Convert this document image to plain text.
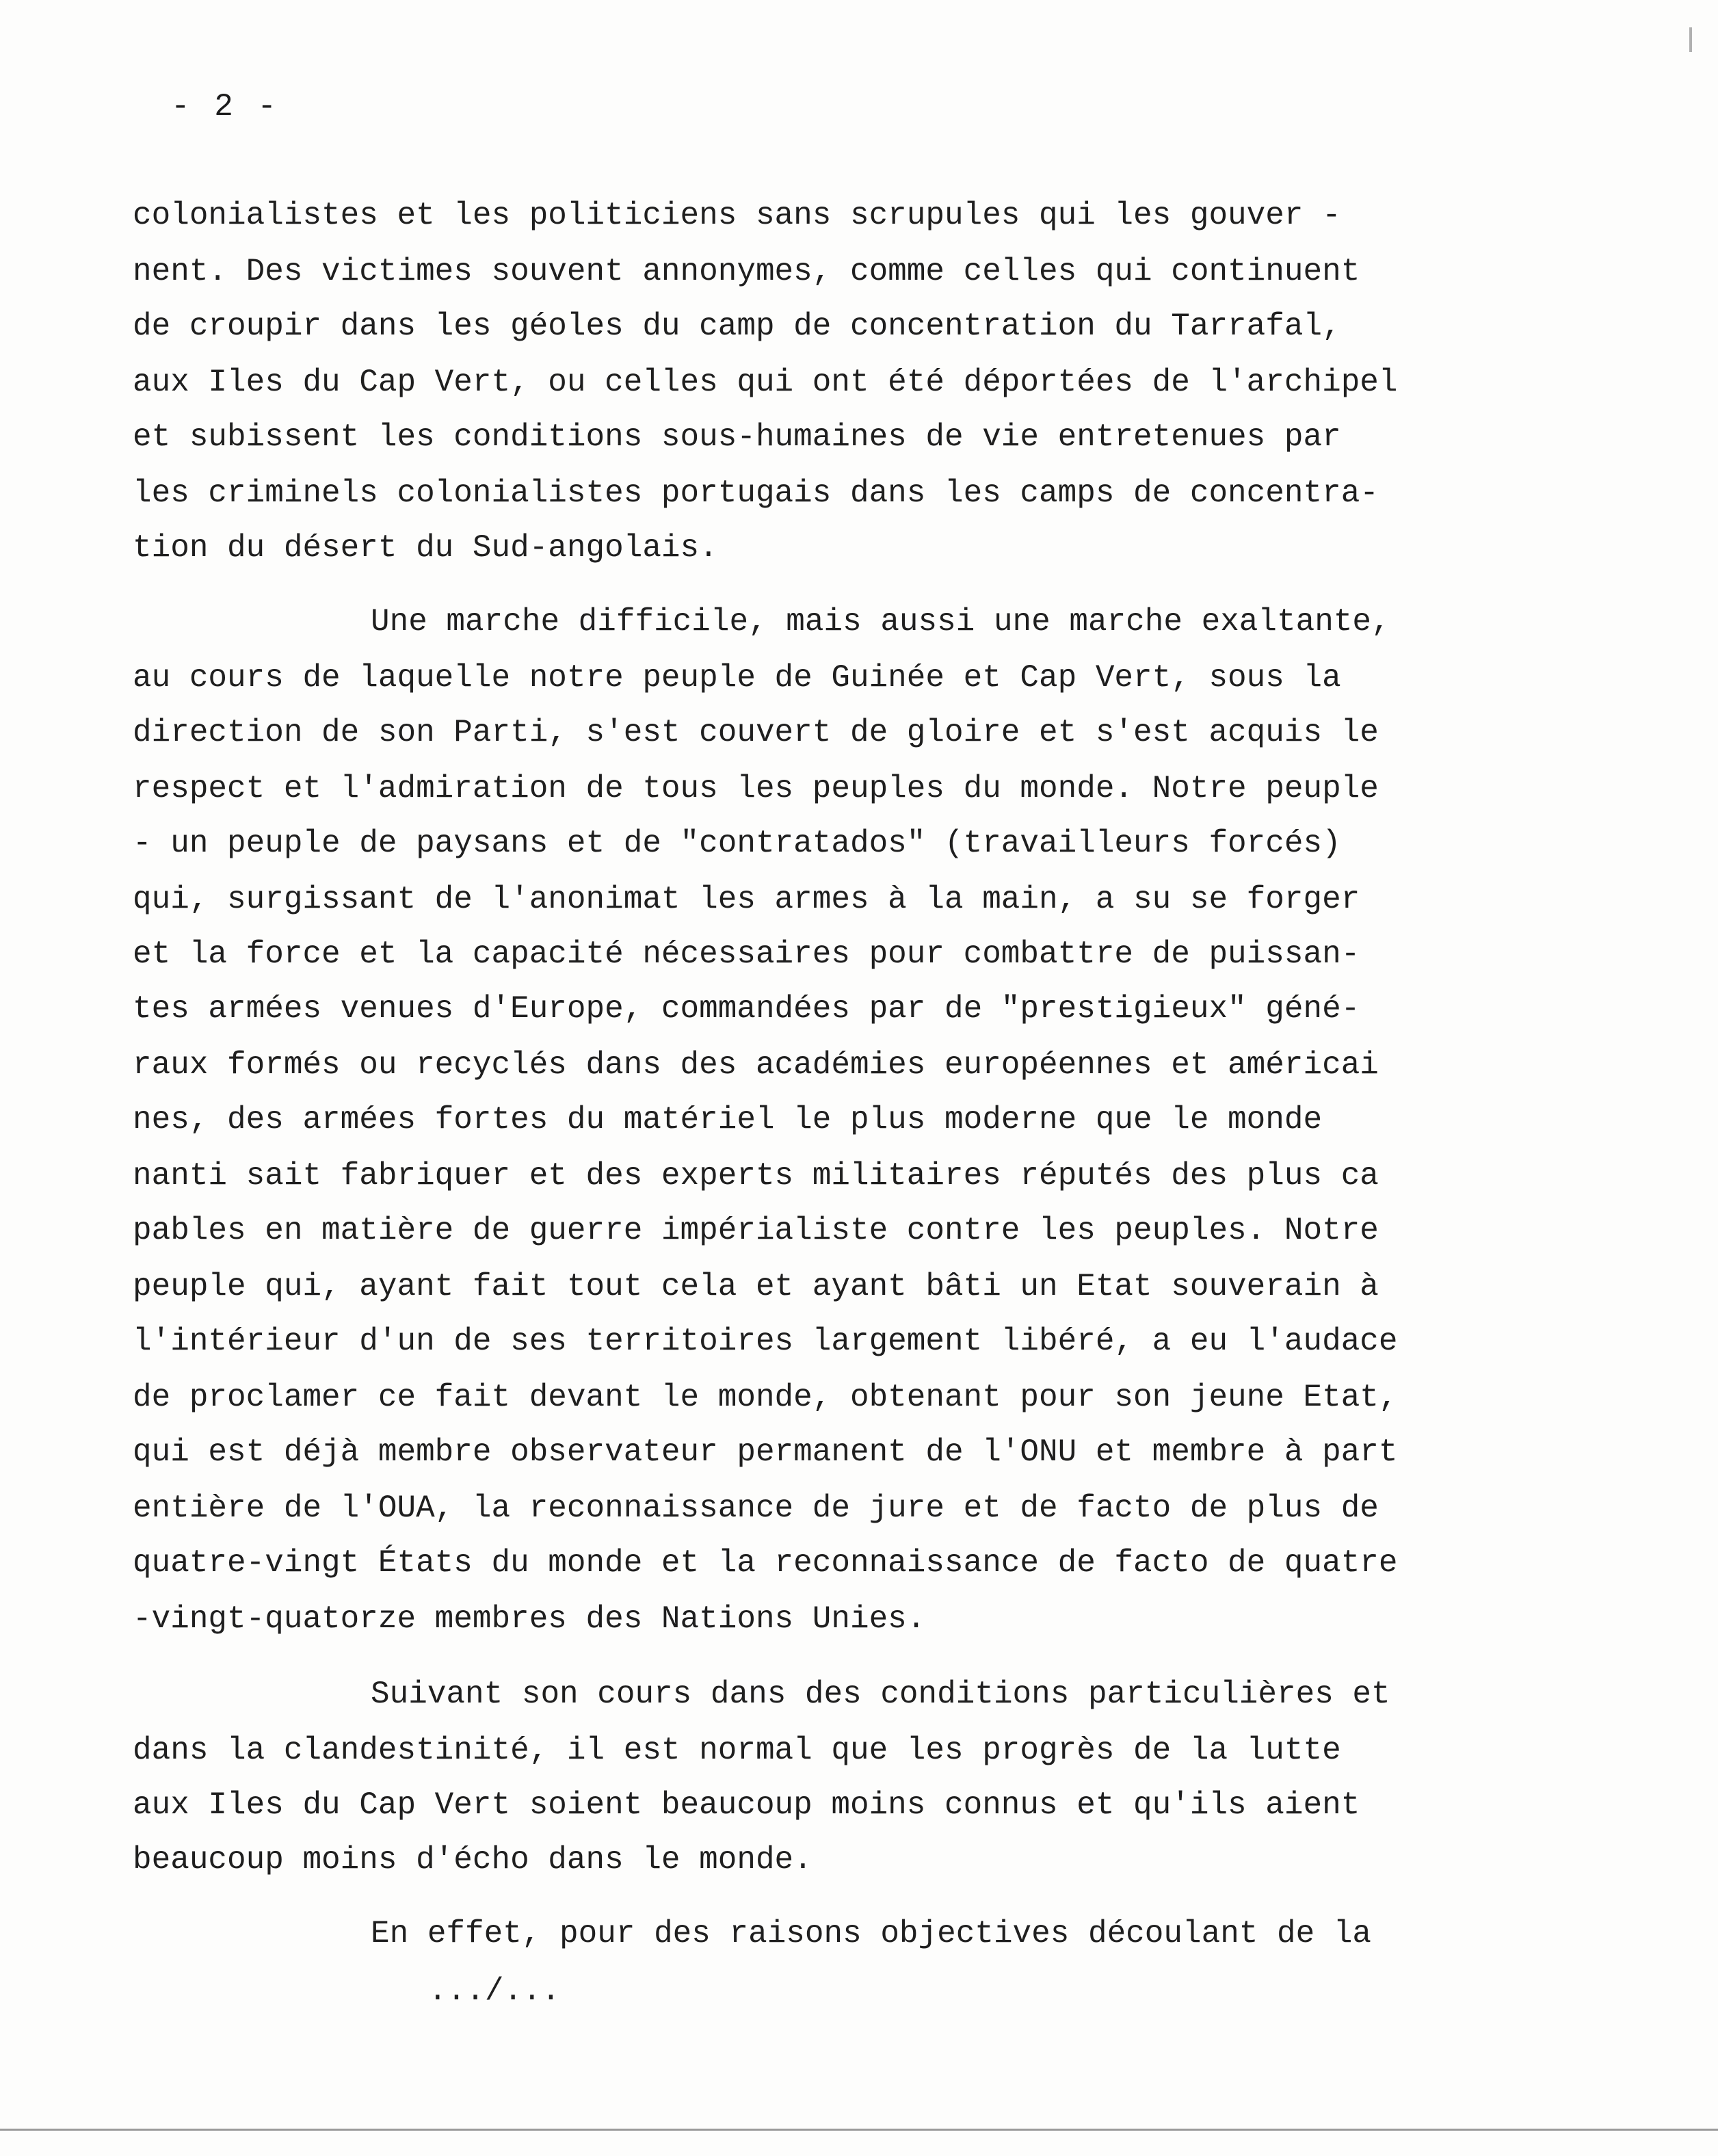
- 2 -
colonialistes et les politiciens sans scrupules qui les gouver -
nent. Des victimes souvent annonymes, comme celles qui continuent
de croupir dans les géoles du camp de concentration du Tarrafal,
aux Iles du Cap Vert, ou celles qui ont été déportées de l'archipel
et subissent les conditions sous-humaines de vie entretenues par
les criminels colonialistes portugais dans les camps de concentra-
tion du désert du Sud-angolais.
Une marche difficile, mais aussi une marche exaltante,
au cours de laquelle notre peuple de Guinée et Cap Vert, sous la
direction de son Parti, s'est couvert de gloire et s'est acquis le
respect et l'admiration de tous les peuples du monde. Notre peuple
- un peuple de paysans et de "contratados" (travailleurs forcés)
qui, surgissant de l'anonimat les armes à la main, a su se forger
et la force et la capacité nécessaires pour combattre de puissan-
tes armées venues d'Europe, commandées par de "prestigieux" géné-
raux formés ou recyclés dans des académies européennes et américai
nes, des armées fortes du matériel le plus moderne que le monde
nanti sait fabriquer et des experts militaires réputés des plus ca
pables en matière de guerre impérialiste contre les peuples. Notre
peuple qui, ayant fait tout cela et ayant bâti un Etat souverain à
l'intérieur d'un de ses territoires largement libéré, a eu l'audace
de proclamer ce fait devant le monde, obtenant pour son jeune Etat,
qui est déjà membre observateur permanent de l'ONU et membre à part
entière de l'OUA, la reconnaissance de jure et de facto de plus de
quatre-vingt États du monde et la reconnaissance de facto de quatre
-vingt-quatorze membres des Nations Unies.
Suivant son cours dans des conditions particulières et
dans la clandestinité, il est normal que les progrès de la lutte
aux Iles du Cap Vert soient beaucoup moins connus et qu'ils aient
beaucoup moins d'écho dans le monde.
En effet, pour des raisons objectives découlant de la
.../...
